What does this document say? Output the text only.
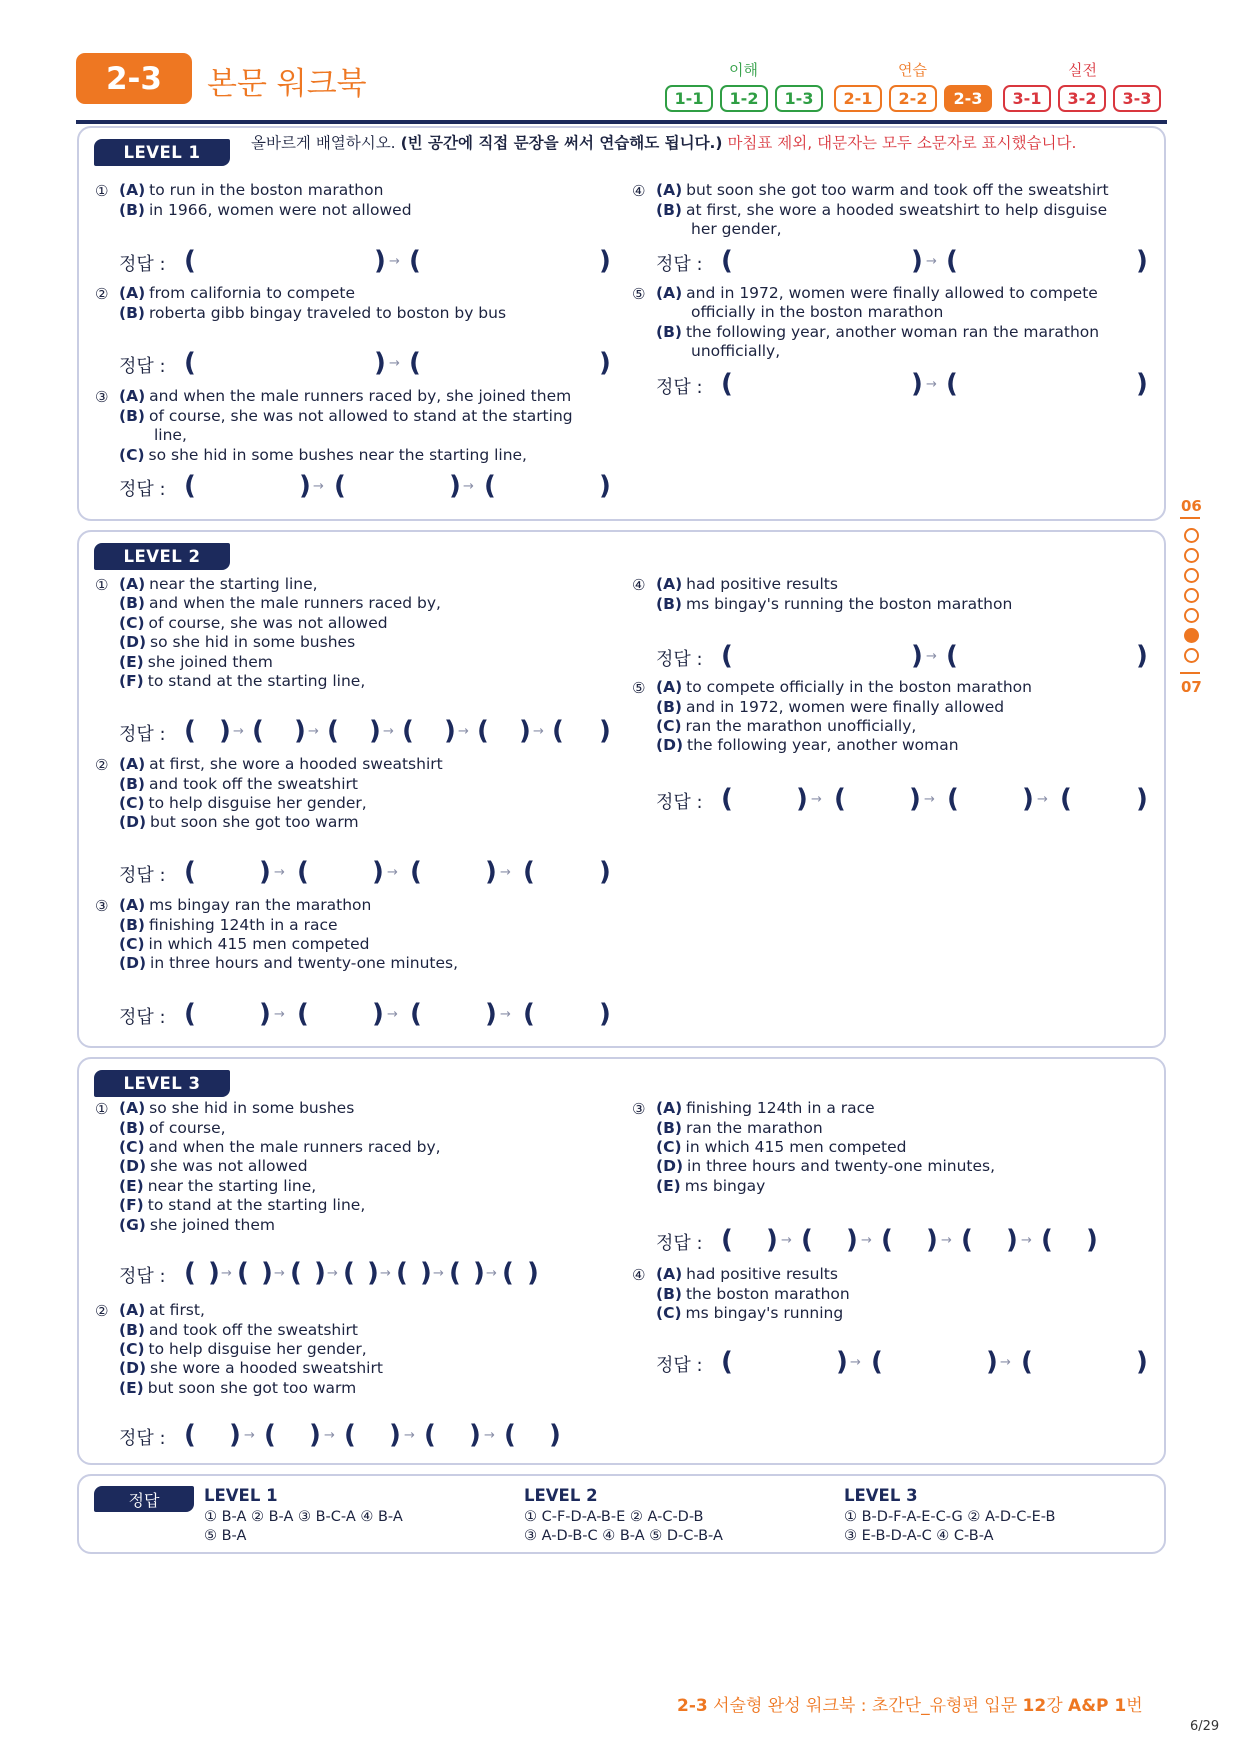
2-3	본문 워크북	이해	연습	실전
1-1	1-2	1-3	2-1	2-2	2-3	3-1	3-2	3-3
LEVEL 1	올바르게 배열하시오. (빈 공간에 직접 문장을 써서 연습해도 됩니다.) 마침표 제외, 대문자는 모두 소문자로 표시했습니다.
① (A) to run in the boston marathon
(B) in 1966, women were not allowed
정답 : (	) → (	)
② (A) from california to compete
(B) roberta gibb bingay traveled to boston by bus
정답 : (	) → (	)
③ (A) and when the male runners raced by, she joined them
(B) of course, she was not allowed to stand at the starting
line,
(C) so she hid in some bushes near the starting line,
정답 : (	) → (	) → (	)
④ (A) but soon she got too warm and took off the sweatshirt
(B) at first, she wore a hooded sweatshirt to help disguise
her gender,
정답 : (	) → (	)
⑤ (A) and in 1972, women were finally allowed to compete
officially in the boston marathon
(B) the following year, another woman ran the marathon
unofficially,
정답 : (	) → (	)
LEVEL 2
① (A) near the starting line,
(B) and when the male runners raced by,
(C) of course, she was not allowed
(D) so she hid in some bushes
(E) she joined them
(F) to stand at the starting line,
정답 : ( ) → ( ) → ( ) → ( ) → ( ) → ( )
② (A) at first, she wore a hooded sweatshirt
(B) and took off the sweatshirt
(C) to help disguise her gender,
(D) but soon she got too warm
정답 : ( ) → ( ) → ( ) → ( )
③ (A) ms bingay ran the marathon
(B) finishing 124th in a race
(C) in which 415 men competed
(D) in three hours and twenty-one minutes,
정답 : ( ) → ( ) → ( ) → ( )
④ (A) had positive results
(B) ms bingay's running the boston marathon
정답 : (	) → (	)
⑤ (A) to compete officially in the boston marathon
(B) and in 1972, women were finally allowed
(C) ran the marathon unofficially,
(D) the following year, another woman
정답 : ( ) → ( ) → ( ) → ( )
LEVEL 3
① (A) so she hid in some bushes
(B) of course,
(C) and when the male runners raced by,
(D) she was not allowed
(E) near the starting line,
(F) to stand at the starting line,
(G) she joined them
정답 : ( ) → ( ) → ( ) → ( ) → ( ) → ( ) → ( )
② (A) at first,
(B) and took off the sweatshirt
(C) to help disguise her gender,
(D) she wore a hooded sweatshirt
(E) but soon she got too warm
정답 : ( ) → ( ) → ( ) → ( ) → ( )
③ (A) finishing 124th in a race
(B) ran the marathon
(C) in which 415 men competed
(D) in three hours and twenty-one minutes,
(E) ms bingay
정답 : ( ) → ( ) → ( ) → ( ) → ( )
④ (A) had positive results
(B) the boston marathon
(C) ms bingay's running
정답 : (	) → (	) → (	)
정답	LEVEL 1
① B-A ② B-A ③ B-C-A ④ B-A
⑤ B-A
LEVEL 2
① C-F-D-A-B-E ② A-C-D-B
③ A-D-B-C ④ B-A ⑤ D-C-B-A
LEVEL 3
① B-D-F-A-E-C-G ② A-D-C-E-B
③ E-B-D-A-C ④ C-B-A
06
07
2-3 서술형 완성 워크북 : 초간단_유형편 입문 12강 A&P 1번
6/29
